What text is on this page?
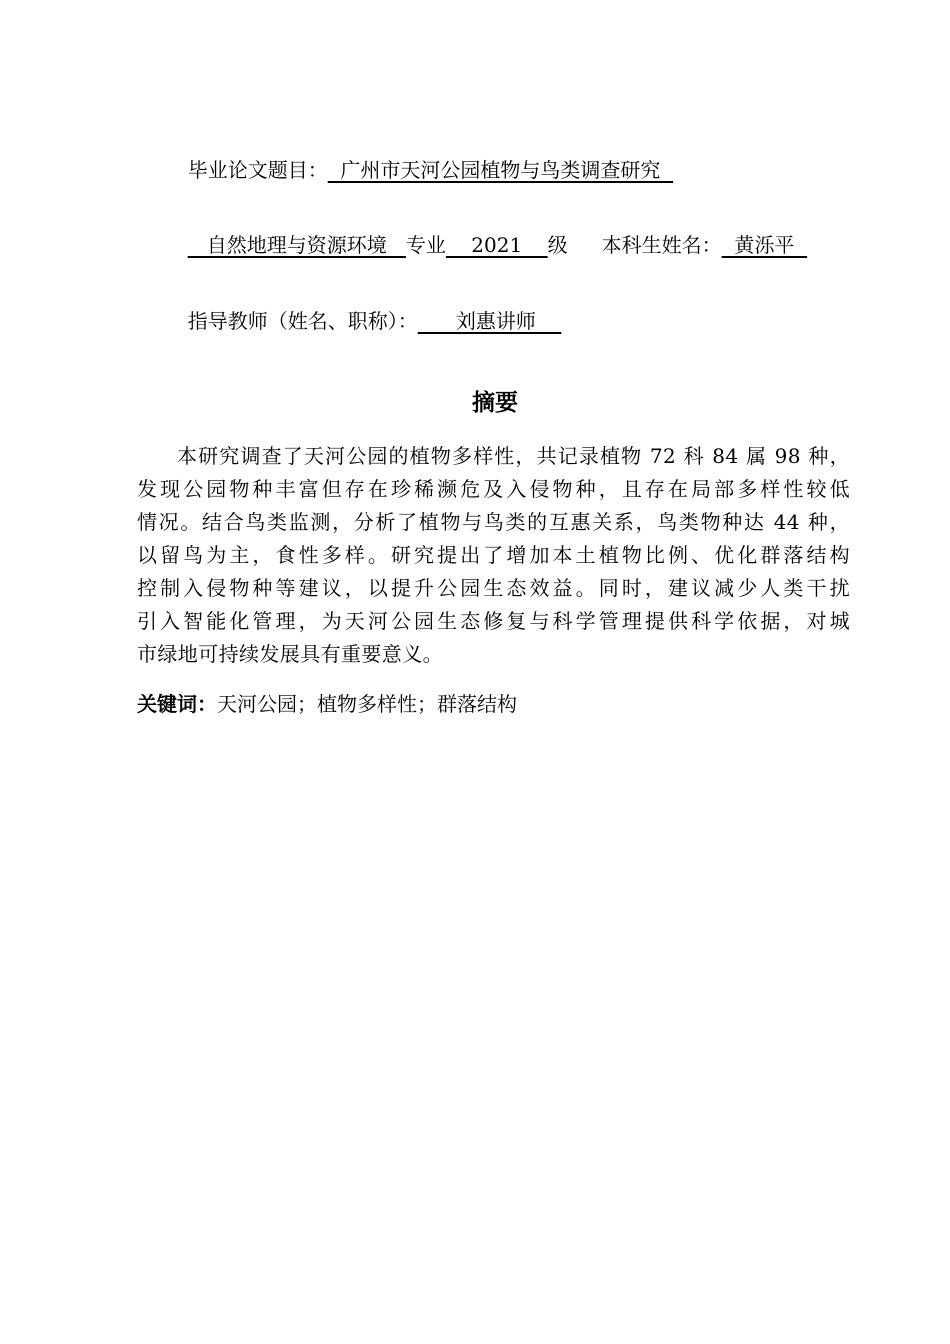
毕业论文题目：  广州市天河公园植物与鸟类调查研究

自然地理与资源环境   专业    2021    级 本科生姓名：  黄泺平

指导教师（姓名、职称）：      刘惠讲师

摘要
本研究调查了天河公园的植物多样性，共记录植物 72 科 84 属 98 种，
发现公园物种丰富但存在珍稀濒危及入侵物种，且存在局部多样性较低
情况。结合鸟类监测，分析了植物与鸟类的互惠关系，鸟类物种达 44 种，
以留鸟为主，食性多样。研究提出了增加本土植物比例、优化群落结构
控制入侵物种等建议，以提升公园生态效益。同时，建议减少人类干扰
引入智能化管理，为天河公园生态修复与科学管理提供科学依据，对城
市绿地可持续发展具有重要意义。
关键词：天河公园；植物多样性；群落结构
